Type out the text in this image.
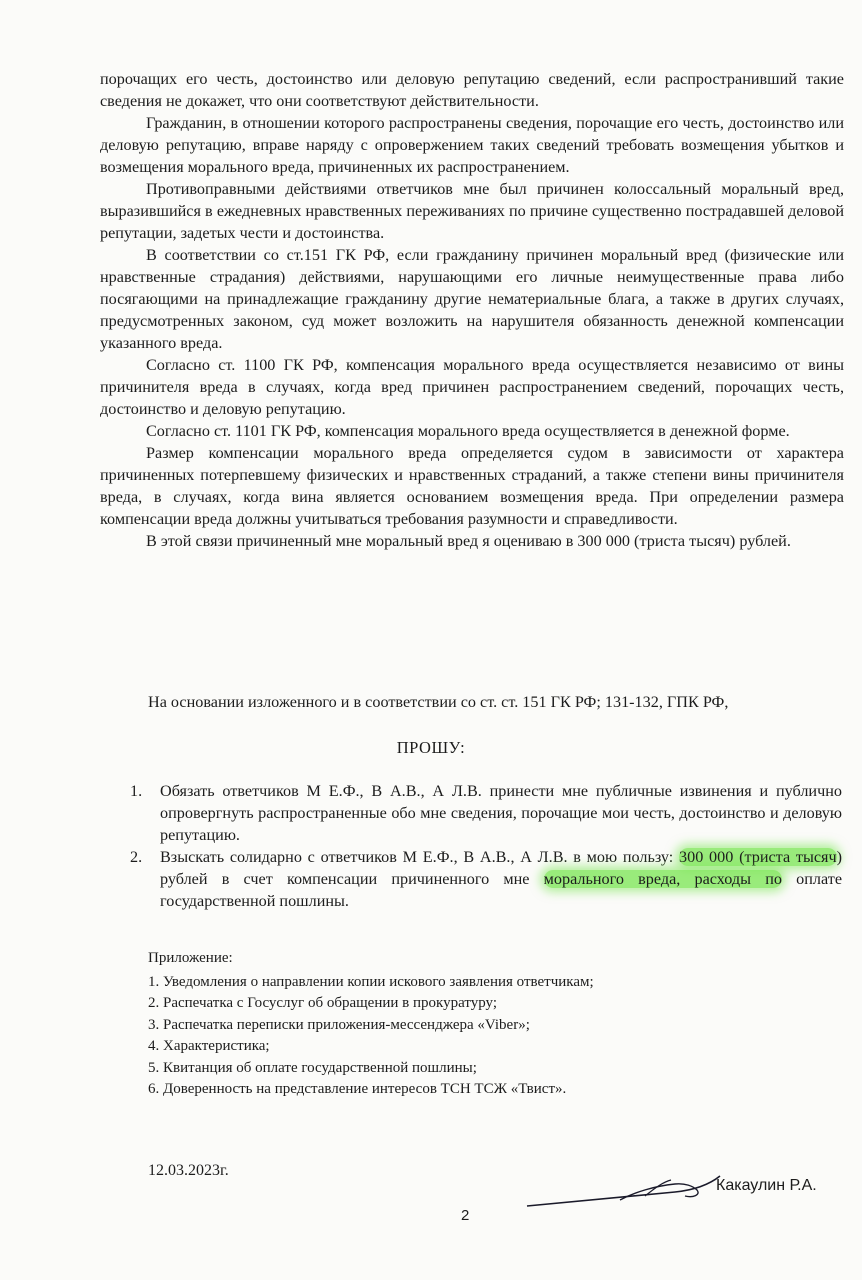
порочащих его честь, достоинство или деловую репутацию сведений, если распространивший такие сведения не докажет, что они соответствуют действительности.

Гражданин, в отношении которого распространены сведения, порочащие его честь, достоинство или деловую репутацию, вправе наряду с опровержением таких сведений требовать возмещения убытков и возмещения морального вреда, причиненных их распространением.

Противоправными действиями ответчиков мне был причинен колоссальный моральный вред, выразившийся в ежедневных нравственных переживаниях по причине существенно пострадавшей деловой репутации, задетых чести и достоинства.

В соответствии со ст.151 ГК РФ, если гражданину причинен моральный вред (физические или нравственные страдания) действиями, нарушающими его личные неимущественные права либо посягающими на принадлежащие гражданину другие нематериальные блага, а также в других случаях, предусмотренных законом, суд может возложить на нарушителя обязанность денежной компенсации указанного вреда.

Согласно ст. 1100 ГК РФ, компенсация морального вреда осуществляется независимо от вины причинителя вреда в случаях, когда вред причинен распространением сведений, порочащих честь, достоинство и деловую репутацию.

Согласно ст. 1101 ГК РФ, компенсация морального вреда осуществляется в денежной форме.

Размер компенсации морального вреда определяется судом в зависимости от характера причиненных потерпевшему физических и нравственных страданий, а также степени вины причинителя вреда, в случаях, когда вина является основанием возмещения вреда. При определении размера компенсации вреда должны учитываться требования разумности и справедливости.

В этой связи причиненный мне моральный вред я оцениваю в 300 000 (триста тысяч) рублей.

На основании изложенного и в соответствии со ст. ст. 151 ГК РФ; 131-132, ГПК РФ,
ПРОШУ:
1. Обязать ответчиков М Е.Ф., В А.В., А Л.В. принести мне публичные извинения и публично опровергнуть распространенные обо мне сведения, порочащие мои честь, достоинство и деловую репутацию.
2. Взыскать солидарно с ответчиков М Е.Ф., В А.В., А Л.В. в мою пользу: 300 000 (триста тысяч) рублей в счет компенсации причиненного мне морального вреда, расходы по оплате государственной пошлины.
Приложение:
1. Уведомления о направлении копии искового заявления ответчикам;
2. Распечатка с Госуслуг об обращении в прокуратуру;
3. Распечатка переписки приложения-мессенджера «Viber»;
4. Характеристика;
5. Квитанция об оплате государственной пошлины;
6. Доверенность на представление интересов ТСН ТСЖ «Твист».
12.03.2023г.
Какаулин Р.А.
2
